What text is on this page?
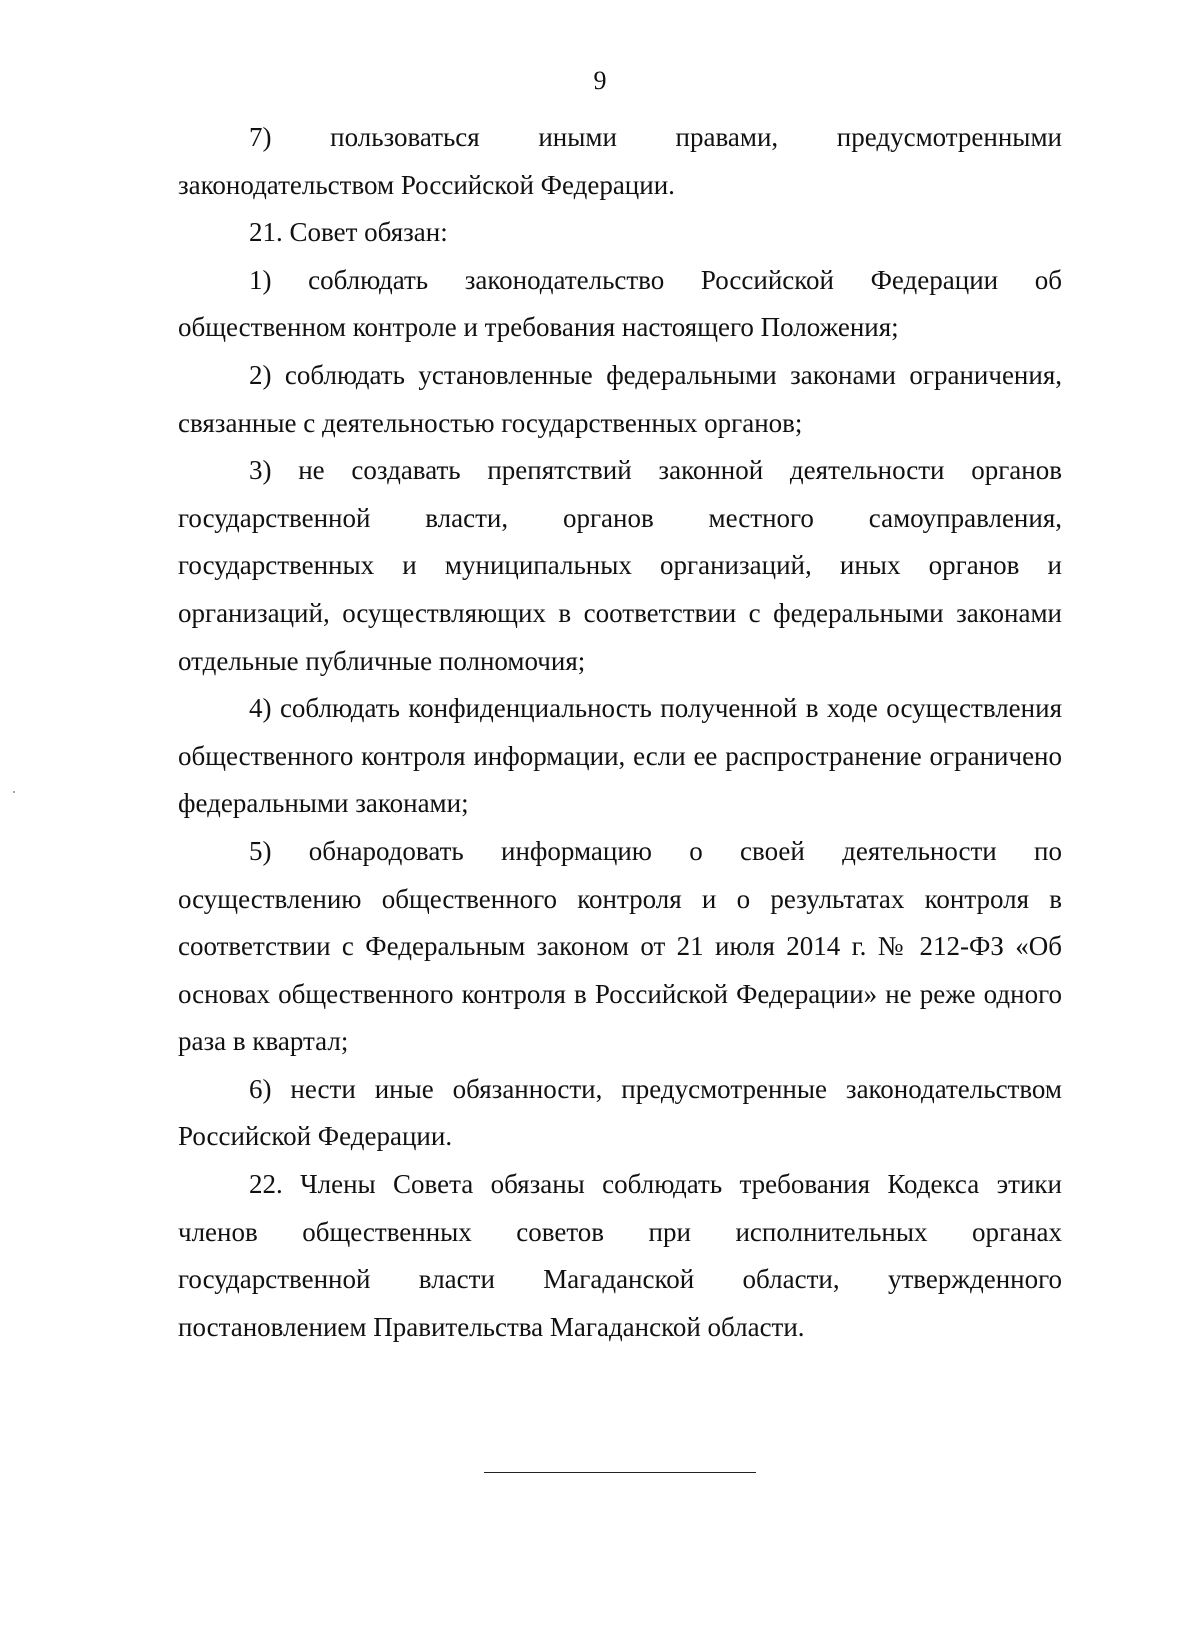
9

7) пользоваться иными правами, предусмотренными законодательством Российской Федерации.

21. Совет обязан:

1) соблюдать законодательство Российской Федерации об общественном контроле и требования настоящего Положения;

2) соблюдать установленные федеральными законами ограничения, связанные с деятельностью государственных органов;

3) не создавать препятствий законной деятельности органов государственной власти, органов местного самоуправления, государственных и муниципальных организаций, иных органов и организаций, осуществляющих в соответствии с федеральными законами отдельные публичные полномочия;

4) соблюдать конфиденциальность полученной в ходе осуществления общественного контроля информации, если ее распространение ограничено федеральными законами;

5) обнародовать информацию о своей деятельности по осуществлению общественного контроля и о результатах контроля в соответствии с Федеральным законом от 21 июля 2014 г. № 212-ФЗ «Об основах общественного контроля в Российской Федерации» не реже одного раза в квартал;

6) нести иные обязанности, предусмотренные законодательством Российской Федерации.

22. Члены Совета обязаны соблюдать требования Кодекса этики членов общественных советов при исполнительных органах государственной власти Магаданской области, утвержденного постановлением Правительства Магаданской области.
